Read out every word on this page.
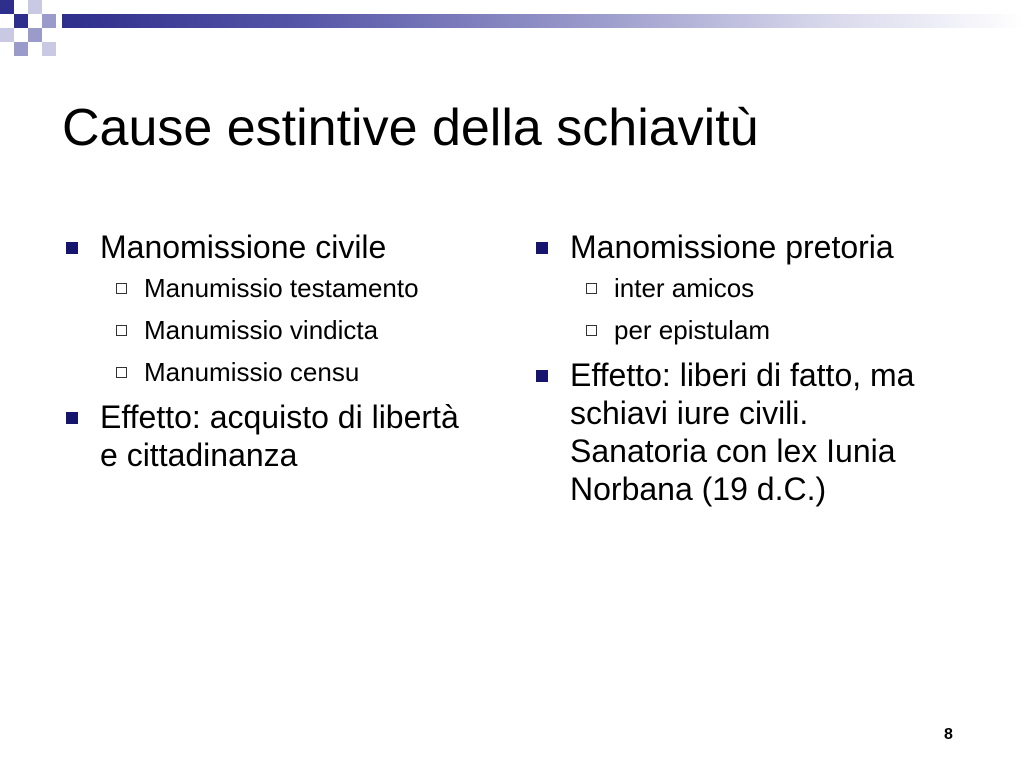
Cause estintive della schiavitù
Manomissione civile
Manumissio testamento
Manumissio vindicta
Manumissio censu
Effetto: acquisto di libertà e cittadinanza
Manomissione pretoria
inter amicos
per epistulam
Effetto: liberi di fatto, ma schiavi iure civili. Sanatoria con lex Iunia Norbana (19 d.C.)
8
